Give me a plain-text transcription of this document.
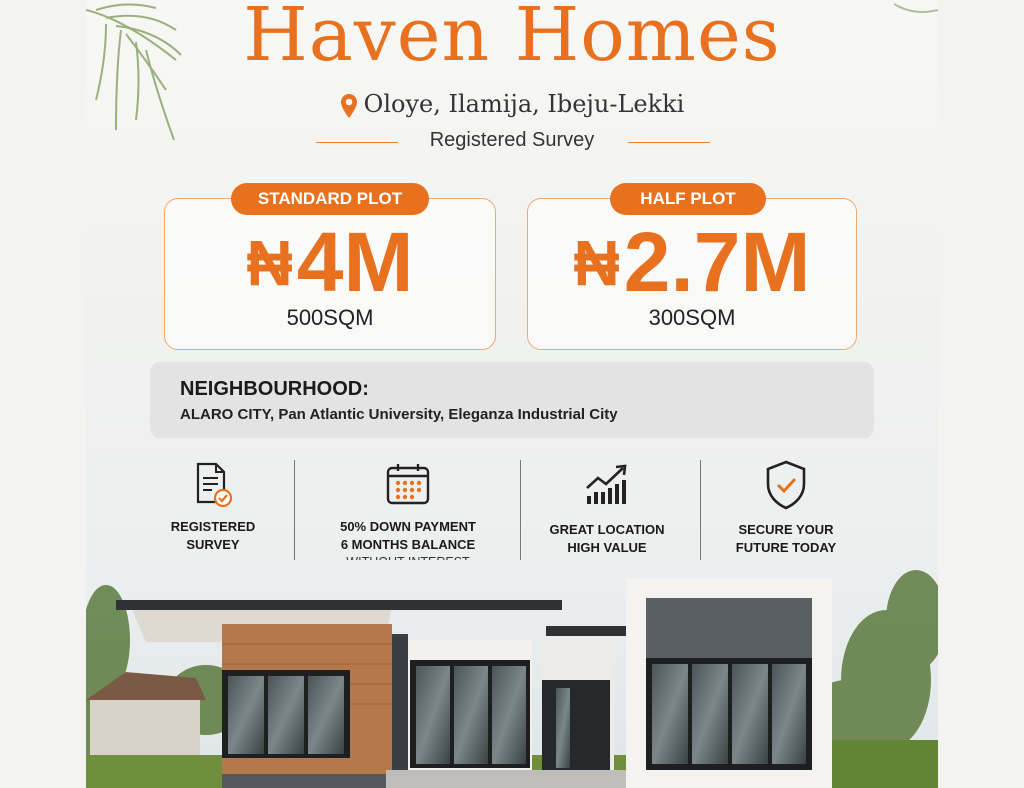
Haven Homes
Oloye, Ilamija, Ibeju-Lekki
Registered Survey
STANDARD PLOT
₦4M
500SQM
HALF PLOT
₦2.7M
300SQM
NEIGHBOURHOOD:
ALARO CITY, Pan Atlantic University, Eleganza Industrial City
REGISTERED
SURVEY
50% DOWN PAYMENT
6 MONTHS BALANCE
GREAT LOCATION
HIGH VALUE
SECURE YOUR
FUTURE TODAY
